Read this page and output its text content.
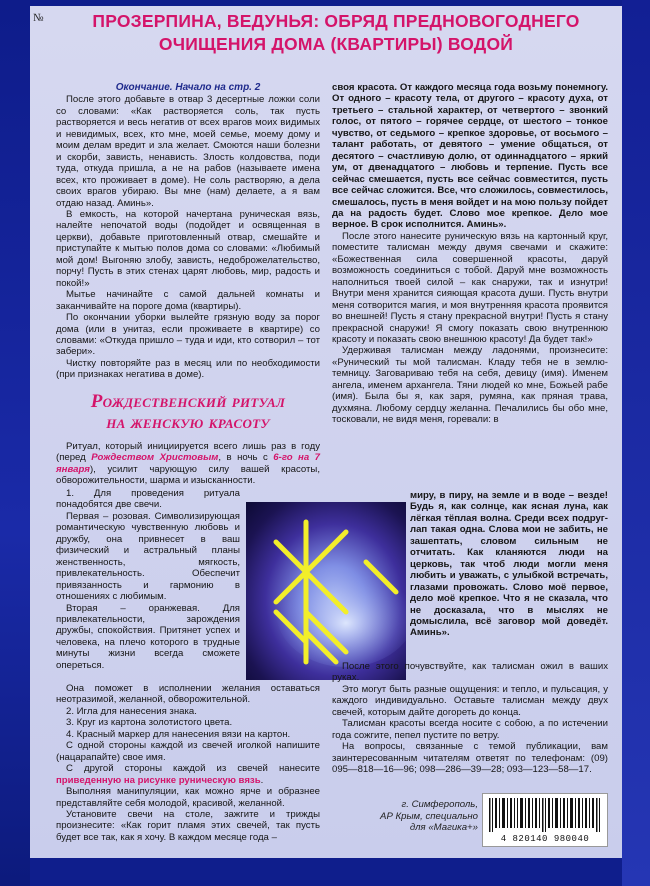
№	ПРОЗЕРПИНА, ВЕДУНЬЯ: ОБРЯД ПРЕДНОВОГОДНЕГО
ОЧИЩЕНИЯ ДОМА (КВАРТИРЫ) ВОДОЙ
Окончание. Начало на стр. 2

После этого добавьте в отвар 3 десертные ложки соли со словами: «Как растворяется соль, так пусть растворяется и весь негатив от всех врагов моих видимых и невидимых, всех, кто мне, моей семье, моему дому и моим делам вредит и зла желает. Смоются наши болезни и скорби, зависть, ненависть. Злость колдовства, поди туда, откуда пришла, а не на рабов (называете имена всех, кто проживает в доме). Не соль растворяю, а дела своих врагов убираю. Вы мне (нам) делаете, а я вам отдаю назад. Аминь».

В емкость, на которой начертана руническая вязь, налейте непочатой воды (подойдет и освященная в церкви), добавьте приготовленный отвар, смешайте и приступайте к мытью полов дома со словами: «Любимый мой дом! Выгоняю злобу, зависть, недоброжелательство, порчу! Пусть в этих стенах царят любовь, мир, радость и покой!»

Мытье начинайте с самой дальней комнаты и заканчивайте на пороге дома (квартиры).

По окончании уборки вылейте грязную воду за порог дома (или в унитаз, если проживаете в квартире) со словами: «Откуда пришло – туда и иди, кто сотворил – тот забери».

Чистку повторяйте раз в месяц или по необходимости (при признаках негатива в доме).

Рождественский ритуал
на женскую красоту

Ритуал, который инициируется всего лишь раз в году (перед Рождеством Христовым, в ночь с 6-го на 7 января), усилит чарующую силу вашей красоты, обворожительности, шарма и изысканности.

1. Для проведения ритуала понадобятся две свечи.

Первая – розовая. Символизирующая романтическую чувственную любовь и дружбу, она привнесет в ваш физический и астральный планы женственность, мягкость, привлекательность. Обеспечит привязанность и гармонию в отношениях с любимым.

Вторая – оранжевая. Для привлекательности, зарождения дружбы, спокойствия. Притянет успех и человека, на плечо которого в трудные минуты жизни всегда сможете опереться.

Она поможет в исполнении желания оставаться неотразимой, желанной, обворожительной.

2. Игла для нанесения знака.

3. Круг из картона золотистого цвета.

4. Красный маркер для нанесения вязи на картон.

С одной стороны каждой из свечей иголкой напишите (нацарапайте) свое имя.

С другой стороны каждой из свечей нанесите приведенную на рисунке руническую вязь.

Выполняя манипуляции, как можно ярче и образнее представляйте себя молодой, красивой, желанной.

Установите свечи на столе, зажгите и трижды произнесите: «Как горит пламя этих свечей, так пусть будет все так, как я хочу. В каждом месяце года –

своя красота. От каждого месяца года возьму понемногу. От одного – красоту тела, от другого – красоту духа, от третьего – стальной характер, от четвертого – звонкий голос, от пятого – горячее сердце, от шестого – тонкое чувство, от седьмого – крепкое здоровье, от восьмого – талант работать, от девятого – умение общаться, от десятого – счастливую долю, от одиннадцатого – яркий ум, от двенадцатого – любовь и терпение. Пусть все сейчас смешается, пусть все сейчас совместится, пусть все сейчас сложится. Все, что сложилось, совместилось, смешалось, пусть в меня войдет и на мою пользу пойдет да на радость будет. Слово мое крепкое. Дело мое верное. В срок исполнится. Аминь».

После этого нанесите руническую вязь на картонный круг, поместите талисман между двумя свечами и скажите: «Божественная сила совершенной красоты, даруй возможность соединиться с тобой. Даруй мне возможность наполниться твоей силой – как снаружи, так и изнутри! Внутри меня хранится сияющая красота души. Пусть внутри меня сотворится магия, и моя внутренняя красота проявится во внешней! Пусть я стану прекрасной внутри! Пусть я стану прекрасной снаружи! Я смогу показать свою внутреннюю красоту и показать свою внешнюю красоту! Да будет так!»

Удерживая талисман между ладонями, произнесите: «Рунический ты мой талисман. Кладу тебя не в землю-темницу. Заговариваю тебя на себя, девицу (имя). Именем ангела, именем архангела. Тяни людей ко мне, Божьей рабе (имя). Была бы я, как заря, румяна, как пряная трава, духмяна. Любому сердцу желанна. Печалились бы обо мне, тосковали, не видя меня, горевали: в

миру, в пиру, на земле и в воде – везде! Будь я, как солнце, как ясная луна, как лёгкая тёплая волна. Среди всех подруг-лап такая одна. Слова мои не забить, не зашептать, словом сильным не отчитать. Как кланяются люди на церковь, так чтоб люди могли меня любить и уважать, с улыбкой встречать, глазами провожать. Слово моё первое, дело моё крепкое. Что я не сказала, что не досказала, что в мыслях не домыслила, всё заговор мой доведёт. Аминь».

После этого почувствуйте, как талисман ожил в ваших руках.

Это могут быть разные ощущения: и тепло, и пульсация, у каждого индивидуально. Оставьте талисман между двух свечей, которым дайте догореть до конца.

Талисман красоты всегда носите с собою, а по истечении года сожгите, пепел пустите по ветру.

На вопросы, связанные с темой публикации, вам заинтересованным читателям ответят по телефонам: (09) 095—818—16—96; 098—286—39—28; 093—123—58—17.

г. Симферополь,
АР Крым, специально
для «Магика+»
4 820140 980040
